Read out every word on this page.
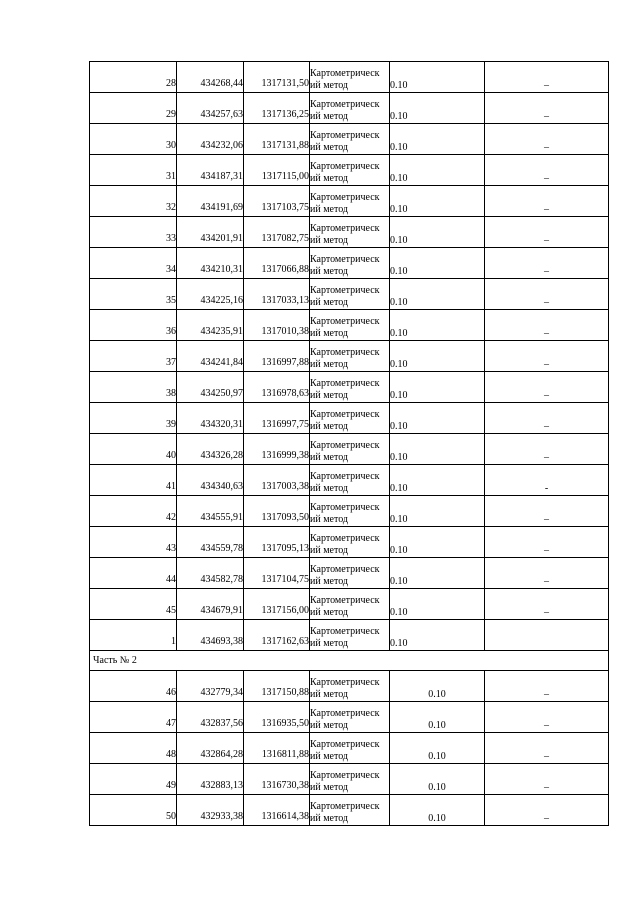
28	434268,44	1317131,50	Картометрическ
ий метод	0.10	–
29	434257,63	1317136,25	Картометрическ
ий метод	0.10	–
30	434232,06	1317131,88	Картометрическ
ий метод	0.10	–
31	434187,31	1317115,00	Картометрическ
ий метод	0.10	–
32	434191,69	1317103,75	Картометрическ
ий метод	0.10	–
33	434201,91	1317082,75	Картометрическ
ий метод	0.10	–
34	434210,31	1317066,88	Картометрическ
ий метод	0.10	–
35	434225,16	1317033,13	Картометрическ
ий метод	0.10	–
36	434235,91	1317010,38	Картометрическ
ий метод	0.10	–
37	434241,84	1316997,88	Картометрическ
ий метод	0.10	–
38	434250,97	1316978,63	Картометрическ
ий метод	0.10	–
39	434320,31	1316997,75	Картометрическ
ий метод	0.10	–
40	434326,28	1316999,38	Картометрическ
ий метод	0.10	–
41	434340,63	1317003,38	Картометрическ
ий метод	0.10	-
42	434555,91	1317093,50	Картометрическ
ий метод	0.10	–
43	434559,78	1317095,13	Картометрическ
ий метод	0.10	–
44	434582,78	1317104,75	Картометрическ
ий метод	0.10	–
45	434679,91	1317156,00	Картометрическ
ий метод	0.10	–
1	434693,38	1317162,63	Картометрическ
ий метод	0.10	
Часть № 2					
46	432779,34	1317150,88	Картометрическ
ий метод	0.10	–
47	432837,56	1316935,50	Картометрическ
ий метод	0.10	–
48	432864,28	1316811,88	Картометрическ
ий метод	0.10	–
49	432883,13	1316730,38	Картометрическ
ий метод	0.10	–
50	432933,38	1316614,38	Картометрическ
ий метод	0.10	–
